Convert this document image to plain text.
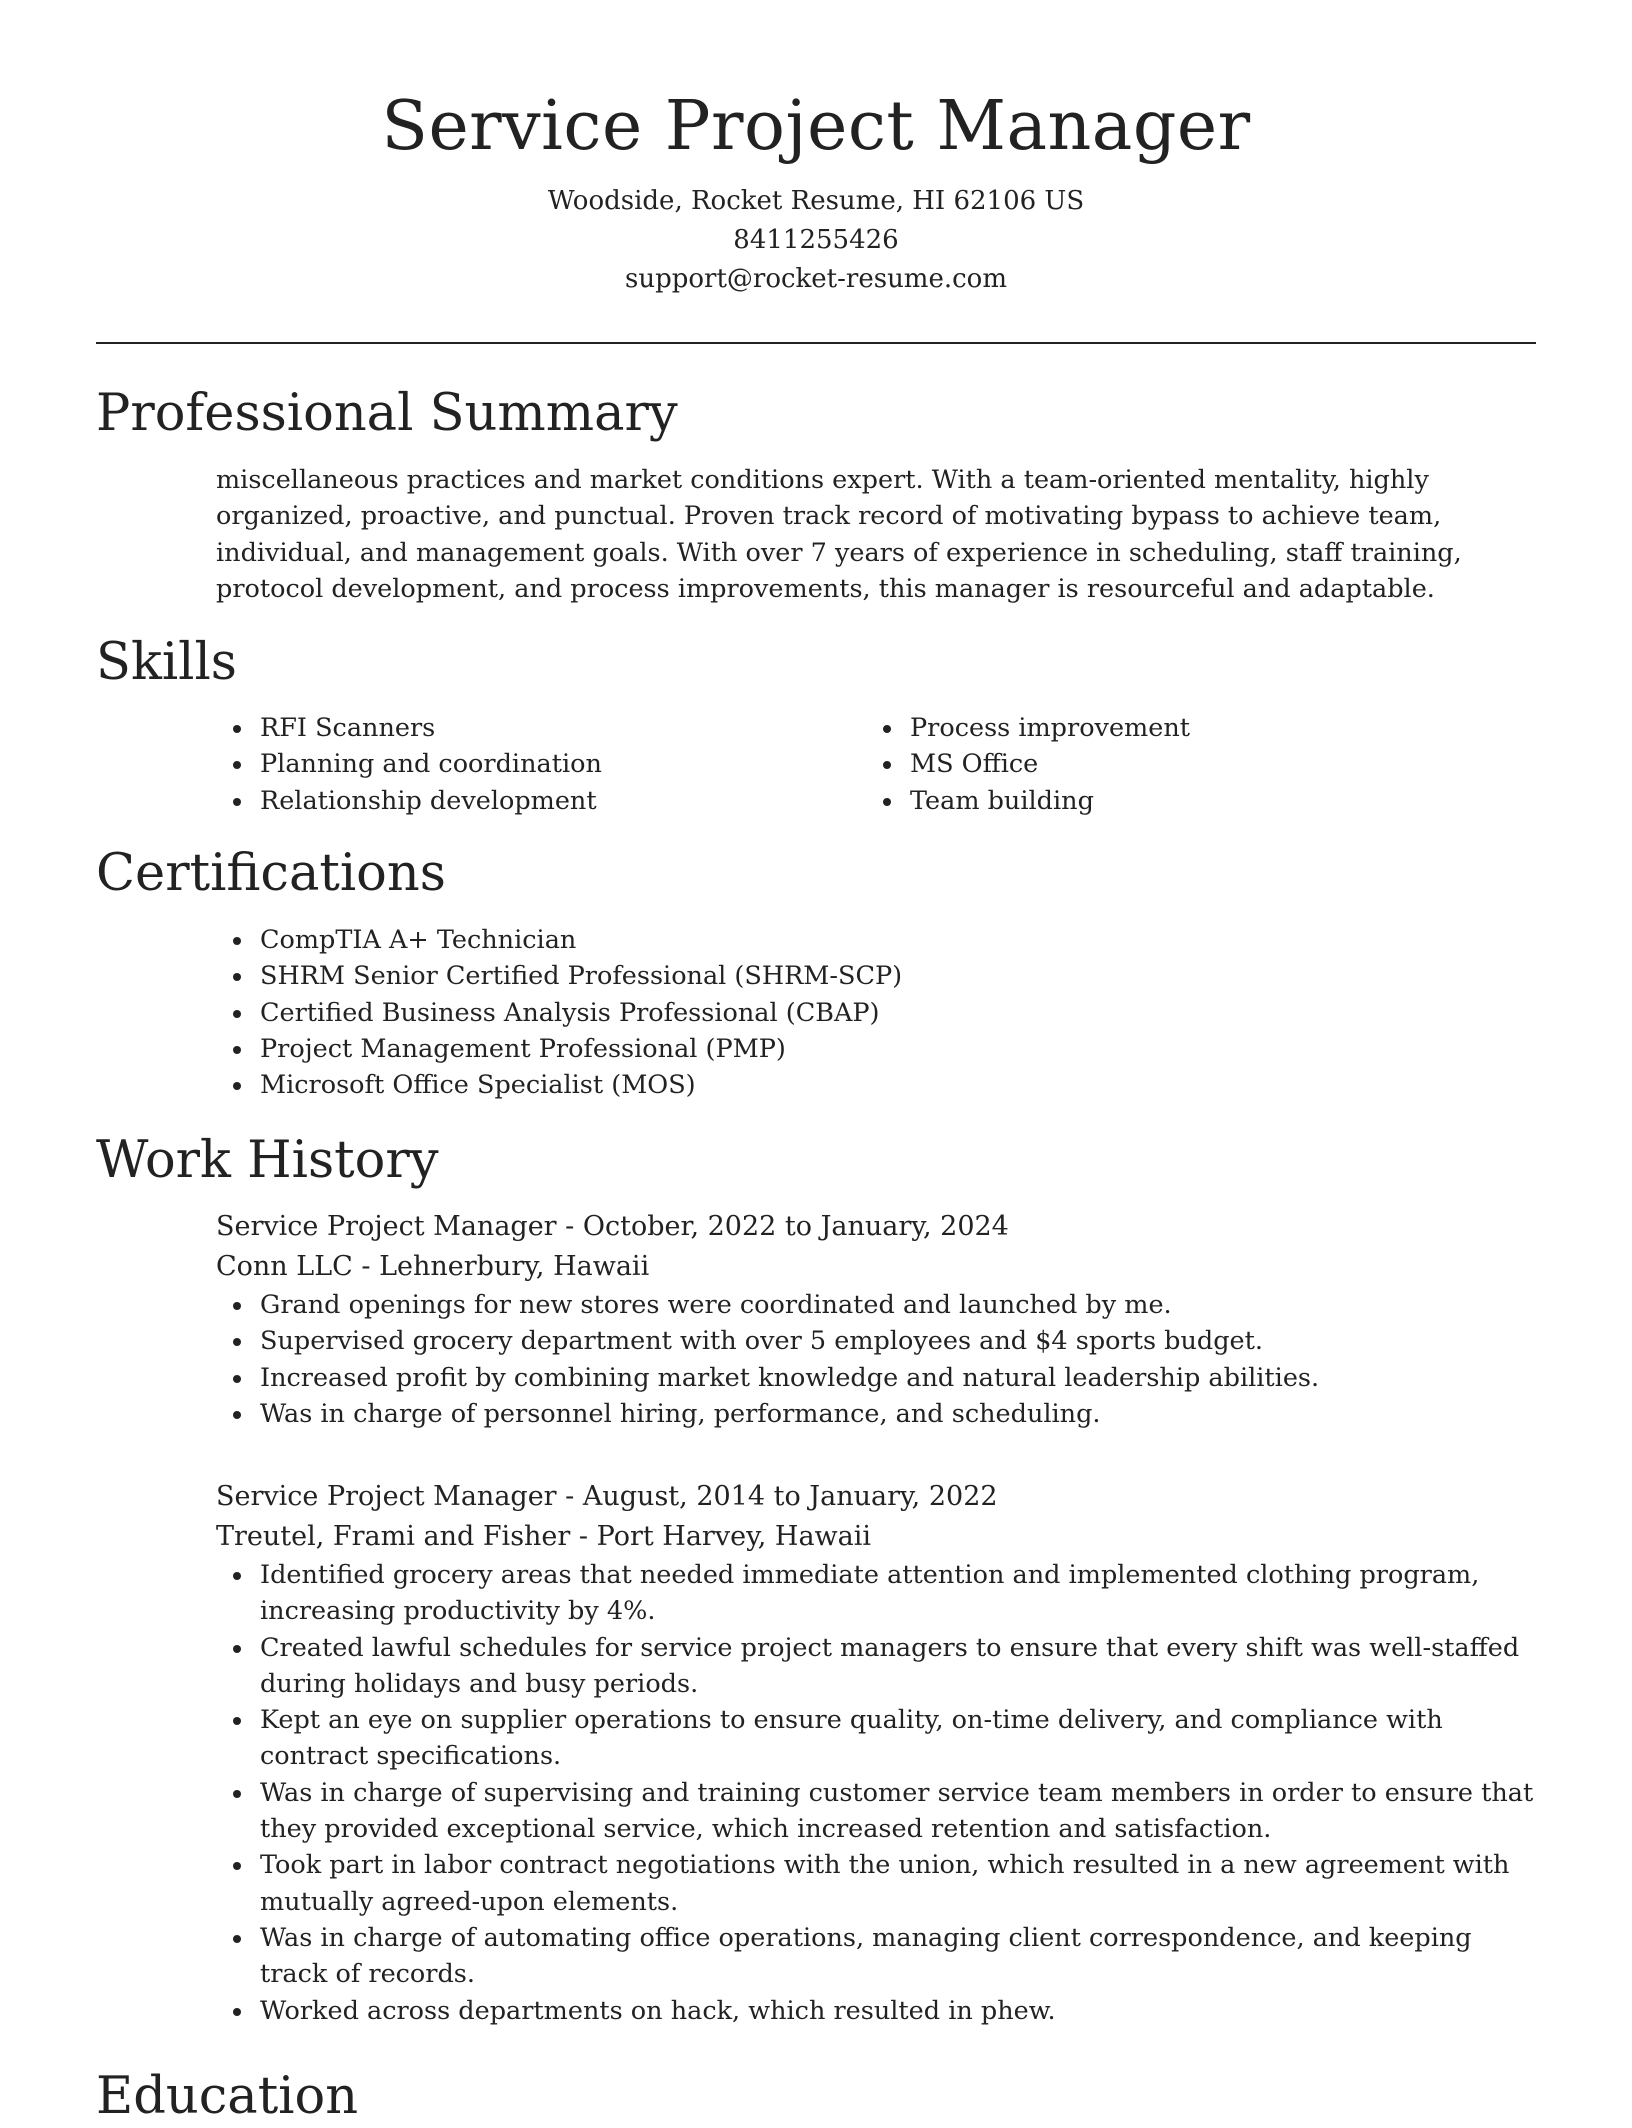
Service Project Manager
Woodside, Rocket Resume, HI 62106 US
8411255426
support@rocket-resume.com
Professional Summary
miscellaneous practices and market conditions expert. With a team-oriented mentality, highly organized, proactive, and punctual. Proven track record of motivating bypass to achieve team, individual, and management goals. With over 7 years of experience in scheduling, staff training, protocol development, and process improvements, this manager is resourceful and adaptable.
Skills
RFI Scanners
Planning and coordination
Relationship development
Process improvement
MS Office
Team building
Certifications
CompTIA A+ Technician
SHRM Senior Certified Professional (SHRM-SCP)
Certified Business Analysis Professional (CBAP)
Project Management Professional (PMP)
Microsoft Office Specialist (MOS)
Work History
Service Project Manager - October, 2022 to January, 2024
Conn LLC - Lehnerbury, Hawaii
Grand openings for new stores were coordinated and launched by me.
Supervised grocery department with over 5 employees and $4 sports budget.
Increased profit by combining market knowledge and natural leadership abilities.
Was in charge of personnel hiring, performance, and scheduling.
Service Project Manager - August, 2014 to January, 2022
Treutel, Frami and Fisher - Port Harvey, Hawaii
Identified grocery areas that needed immediate attention and implemented clothing program, increasing productivity by 4%.
Created lawful schedules for service project managers to ensure that every shift was well-staffed during holidays and busy periods.
Kept an eye on supplier operations to ensure quality, on-time delivery, and compliance with contract specifications.
Was in charge of supervising and training customer service team members in order to ensure that they provided exceptional service, which increased retention and satisfaction.
Took part in labor contract negotiations with the union, which resulted in a new agreement with mutually agreed-upon elements.
Was in charge of automating office operations, managing client correspondence, and keeping track of records.
Worked across departments on hack, which resulted in phew.
Education
